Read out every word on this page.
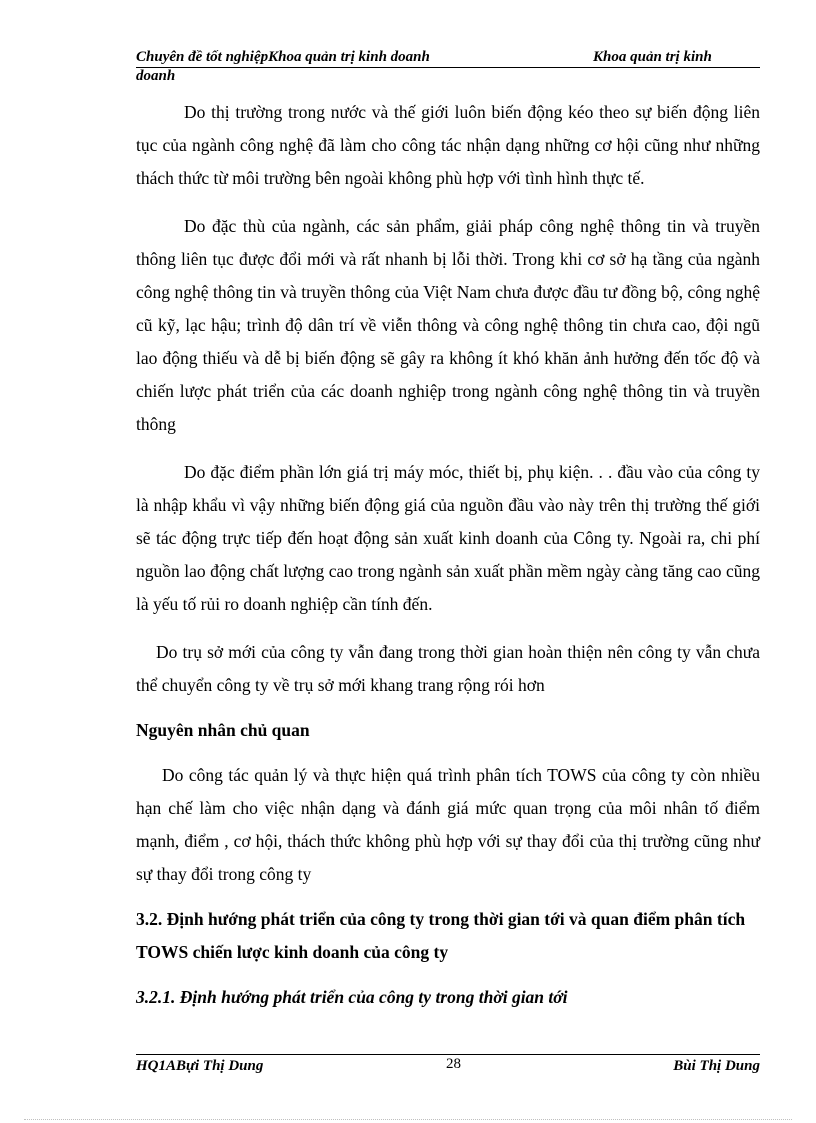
Chuyên đề tốt nghiệpKhoa quản trị kinh doanh	Khoa quản trị kinh
doanh

Do thị trường trong nước và thế giới luôn biến động kéo theo sự biến động liên tục của ngành công nghệ đã làm cho công tác nhận dạng những cơ hội cũng như những thách thức từ môi trường bên ngoài không phù hợp với tình hình thực tế.

Do đặc thù của ngành, các sản phẩm, giải pháp công nghệ thông tin và truyền thông liên tục được đổi mới và rất nhanh bị lỗi thời. Trong khi cơ sở hạ tầng của ngành công nghệ thông tin và truyền thông của Việt Nam chưa được đầu tư đồng bộ, công nghệ cũ kỹ, lạc hậu; trình độ dân trí về viễn thông và công nghệ thông tin chưa cao, đội ngũ lao động thiếu và dễ bị biến động sẽ gây ra không ít khó khăn ảnh hưởng đến tốc độ và chiến lược phát triển của các doanh nghiệp trong ngành công nghệ thông tin và truyền thông

Do đặc điểm phần lớn giá trị máy móc, thiết bị, phụ kiện. . . đầu vào của công ty là nhập khẩu vì vậy những biến động giá của nguồn đầu vào này trên thị trường thế giới sẽ tác động trực tiếp đến hoạt động sản xuất kinh doanh của Công ty. Ngoài ra, chi phí nguồn lao động chất lượng cao trong ngành sản xuất phần mềm ngày càng tăng cao cũng là yếu tố rủi ro doanh nghiệp cần tính đến.

Do trụ sở mới của công ty vẫn đang trong thời gian hoàn thiện nên công ty vẫn chưa thể chuyển công ty về trụ sở mới khang trang rộng rói hơn

Nguyên nhân chủ quan

Do công tác quản lý và thực hiện quá trình phân tích TOWS của công ty còn nhiều hạn chế làm cho việc nhận dạng và đánh giá mức quan trọng của môi nhân tố điểm mạnh, điểm , cơ hội, thách thức không phù hợp với sự thay đổi của thị trường cũng như sự thay đổi trong công ty

3.2. Định hướng phát triển của công ty trong thời gian tới và quan điểm phân tích TOWS chiến lược kinh doanh của công ty

3.2.1. Định hướng phát triển của công ty trong thời gian tới

HQ1ABựi Thị Dung	28	Bùi Thị Dung
